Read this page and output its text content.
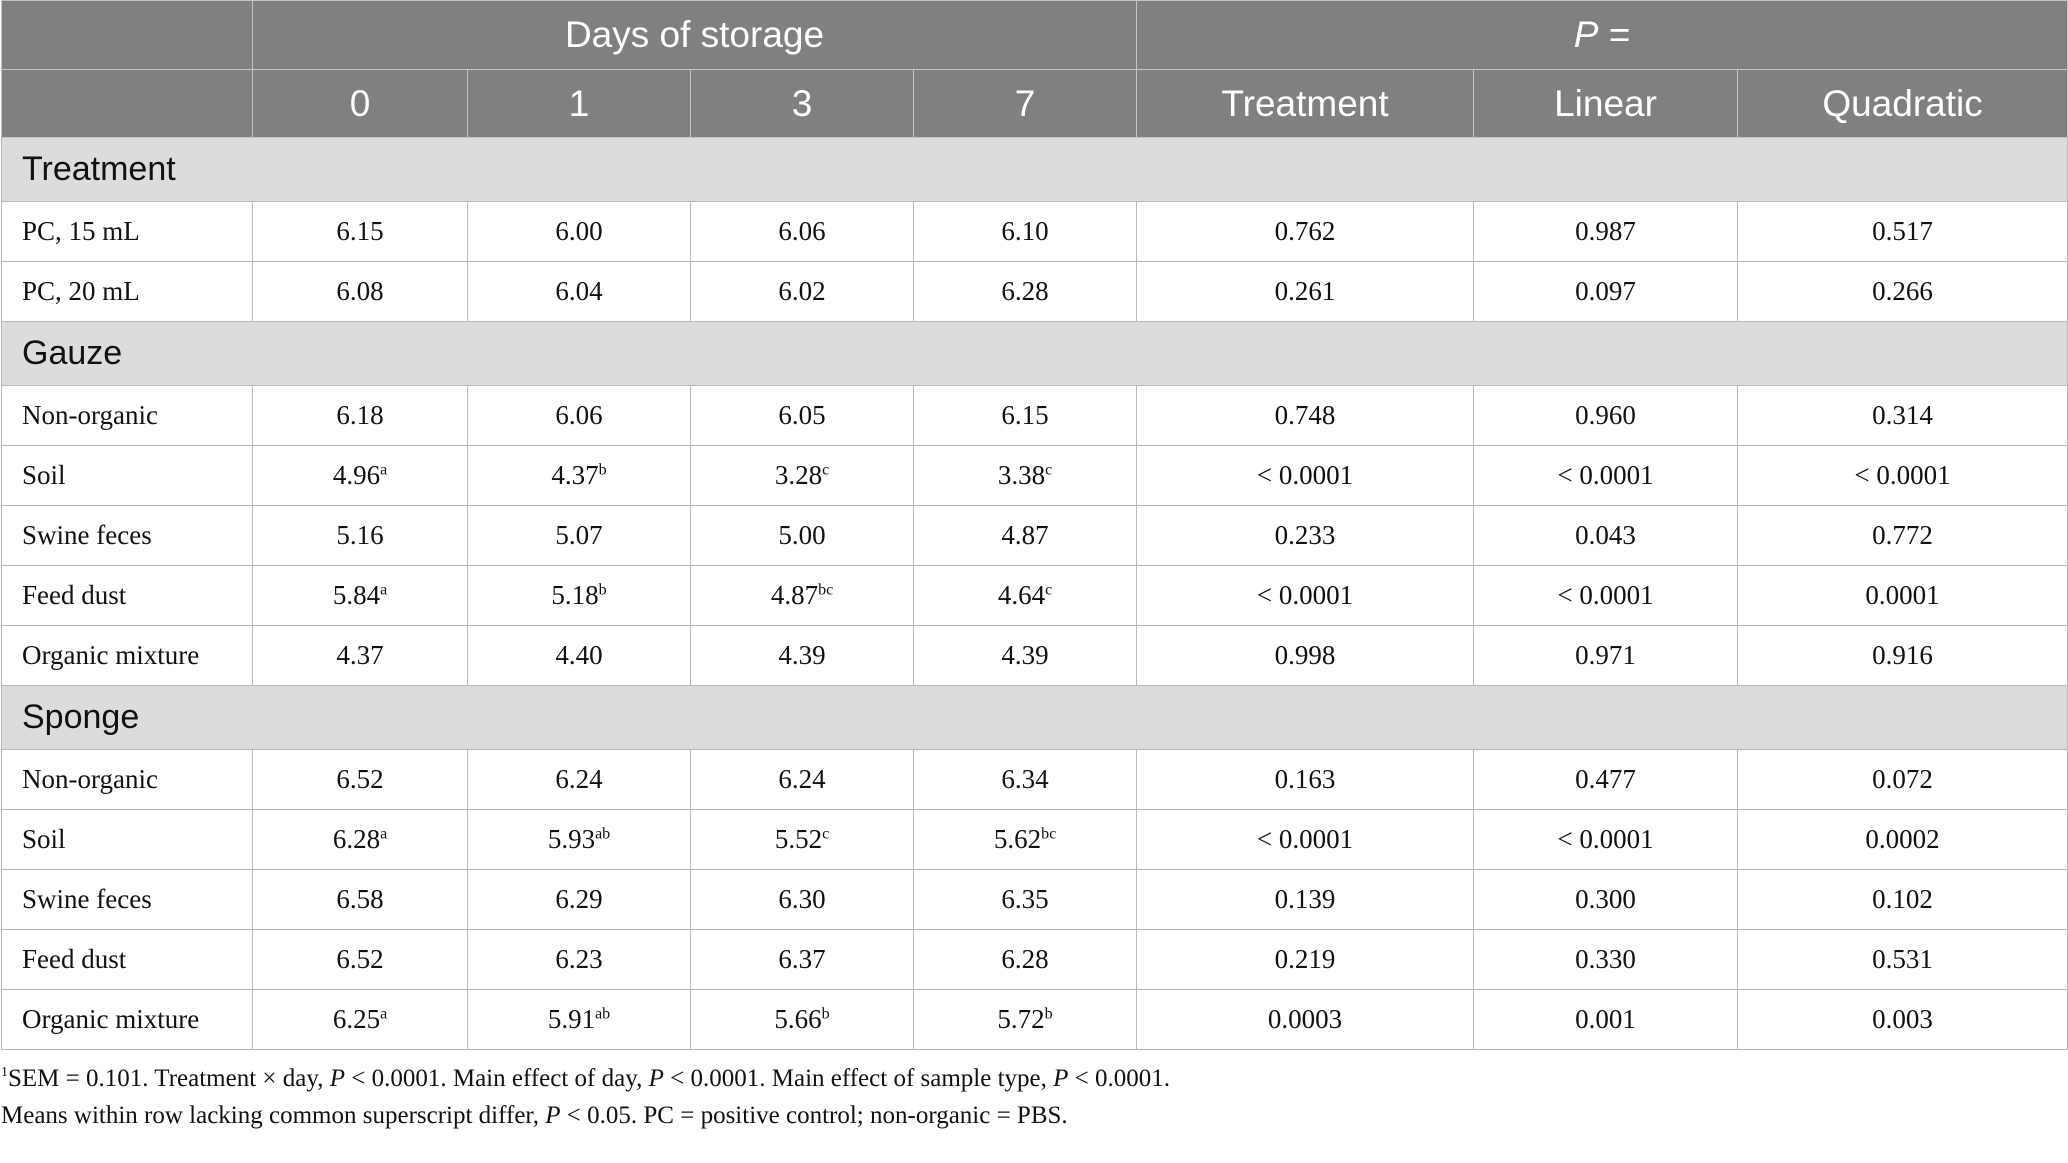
	Days of storage				P =		
	0	1	3	7	Treatment	Linear	Quadratic
Treatment							
PC, 15 mL	6.15	6.00	6.06	6.10	0.762	0.987	0.517
PC, 20 mL	6.08	6.04	6.02	6.28	0.261	0.097	0.266
Gauze							
Non-organic	6.18	6.06	6.05	6.15	0.748	0.960	0.314
Soil	4.96$^a$	4.37$^b$	3.28$^c$	3.38$^c$	< 0.0001	< 0.0001	< 0.0001
Swine feces	5.16	5.07	5.00	4.87	0.233	0.043	0.772
Feed dust	5.84$^a$	5.18$^b$	4.87$^{bc}$	4.64$^c$	< 0.0001	< 0.0001	0.0001
Organic mixture	4.37	4.40	4.39	4.39	0.998	0.971	0.916
Sponge							
Non-organic	6.52	6.24	6.24	6.34	0.163	0.477	0.072
Soil	6.28$^a$	5.93$^{ab}$	5.52$^c$	5.62$^{bc}$	< 0.0001	< 0.0001	0.0002
Swine feces	6.58	6.29	6.30	6.35	0.139	0.300	0.102
Feed dust	6.52	6.23	6.37	6.28	0.219	0.330	0.531
Organic mixture	6.25$^a$	5.91$^{ab}$	5.66$^b$	5.72$^b$	0.0003	0.001	0.003
$^1$SEM = 0.101. Treatment × day, P < 0.0001. Main effect of day, P < 0.0001. Main effect of sample type, P < 0.0001.
Means within row lacking common superscript differ, P < 0.05. PC = positive control; non-organic = PBS.
